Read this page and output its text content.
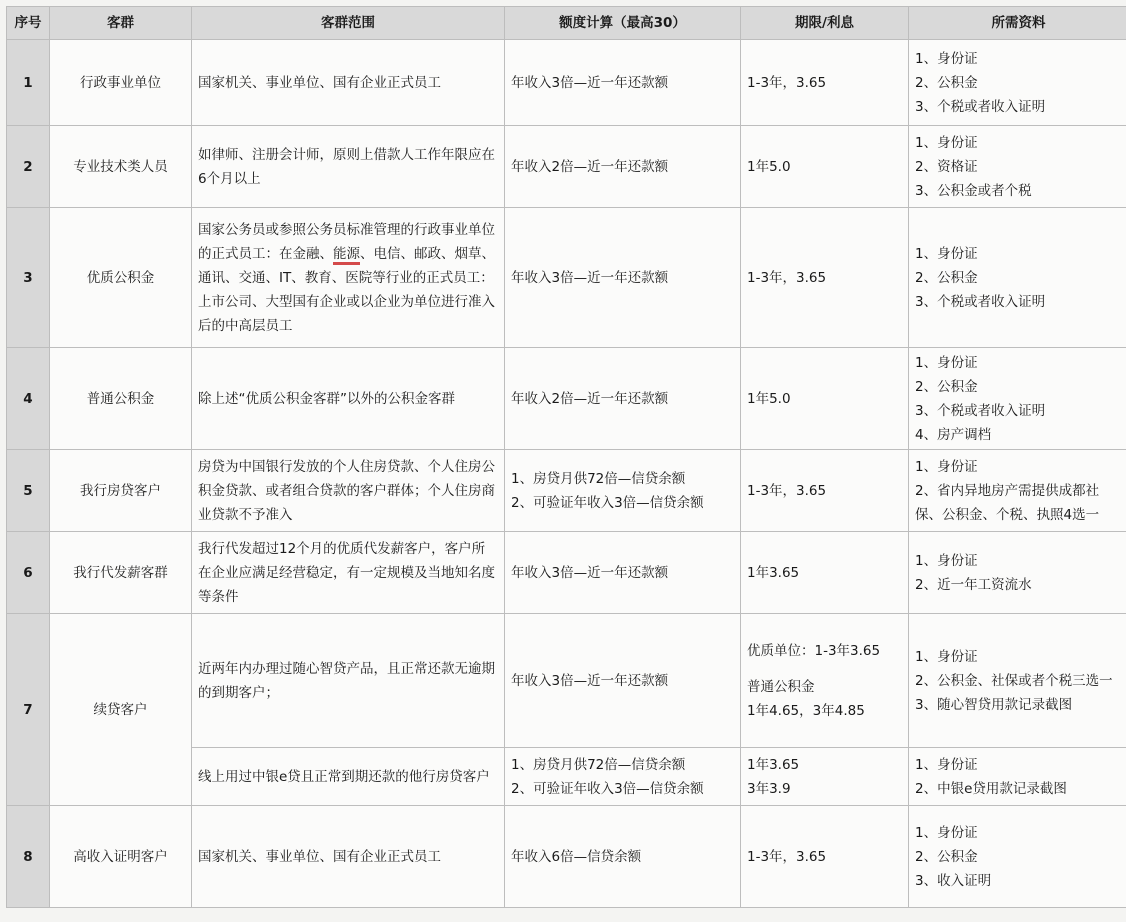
序号	客群	客群范围	额度计算（最高30）	期限/利息	所需资料
1	行政事业单位	国家机关、事业单位、国有企业正式员工	年收入3倍—近一年还款额	1-3年，3.65	1、身份证
2、公积金
3、个税或者收入证明

2	专业技术类人员	如律师、注册会计师，原则上借款人工作年限应在6个月以上	年收入2倍—近一年还款额	1年5.0	1、身份证
2、资格证
3、公积金或者个税

3	优质公积金	国家公务员或参照公务员标准管理的行政事业单位的正式员工：在金融、能源、电信、邮政、烟草、通讯、交通、IT、教育、医院等行业的正式员工：上市公司、大型国有企业或以企业为单位进行准入后的中高层员工	年收入3倍—近一年还款额	1-3年，3.65	1、身份证
2、公积金
3、个税或者收入证明

4	普通公积金	除上述“优质公积金客群”以外的公积金客群	年收入2倍—近一年还款额	1年5.0	1、身份证
2、公积金
3、个税或者收入证明
4、房产调档

5	我行房贷客户	房贷为中国银行发放的个人住房贷款、个人住房公积金贷款、或者组合贷款的客户群体；个人住房商业贷款不予准入	1、房贷月供72倍—信贷余额
2、可验证年收入3倍—信贷余额	1-3年，3.65	1、身份证
2、省内异地房产需提供成都社保、公积金、个税、执照4选一

6	我行代发薪客群	我行代发超过12个月的优质代发薪客户，客户所在企业应满足经营稳定，有一定规模及当地知名度等条件	年收入3倍—近一年还款额	1年3.65	1、身份证
2、近一年工资流水

7	续贷客户	近两年内办理过随心智贷产品，且正常还款无逾期的到期客户；	年收入3倍—近一年还款额	优质单位：1-3年3.65
普通公积金
1年4.65，3年4.85	1、身份证
2、公积金、社保或者个税三选一
3、随心智贷用款记录截图

		线上用过中银e贷且正常到期还款的他行房贷客户	1、房贷月供72倍—信贷余额
2、可验证年收入3倍—信贷余额	1年3.65
3年3.9	1、身份证
2、中银e贷用款记录截图

8	高收入证明客户	国家机关、事业单位、国有企业正式员工	年收入6倍—信贷余额	1-3年，3.65	1、身份证
2、公积金
3、收入证明
